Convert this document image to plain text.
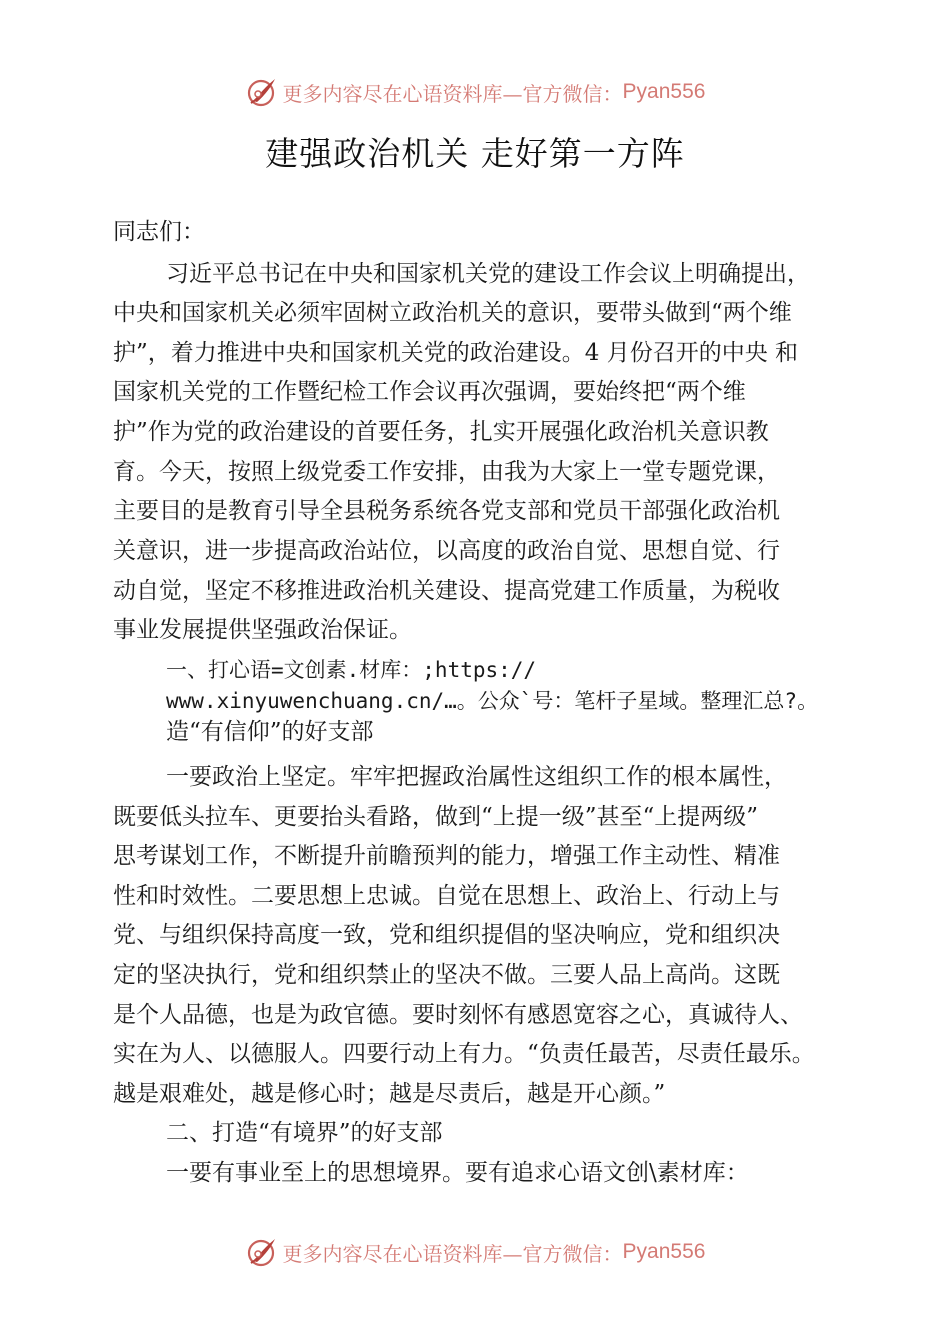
更多内容尽在心语资料库—官方微信： Pyan556
建强政治机关 走好第一方阵
同志们：
习近平总书记在中央和国家机关党的建设工作会议上明确提出，
中央和国家机关必须牢固树立政治机关的意识，要带头做到“两个维
护”，着力推进中央和国家机关党的政治建设。4 月份召开的中央 和
国家机关党的工作暨纪检工作会议再次强调，要始终把“两个维
护”作为党的政治建设的首要任务，扎实开展强化政治机关意识教
育。今天，按照上级党委工作安排，由我为大家上一堂专题党课，
主要目的是教育引导全县税务系统各党支部和党员干部强化政治机
关意识，进一步提高政治站位，以高度的政治自觉、思想自觉、行
动自觉，坚定不移推进政治机关建设、提高党建工作质量，为税收
事业发展提供坚强政治保证。
一、打心语=文创素.材库：;https://
www.xinyuwenchuang.cn/…。公众`号：笔杆子星域。整理汇总?。
造“有信仰”的好支部
一要政治上坚定。牢牢把握政治属性这组织工作的根本属性，
既要低头拉车、更要抬头看路，做到“上提一级”甚至“上提两级”
思考谋划工作，不断提升前瞻预判的能力，增强工作主动性、精准
性和时效性。二要思想上忠诚。自觉在思想上、政治上、行动上与
党、与组织保持高度一致，党和组织提倡的坚决响应，党和组织决
定的坚决执行，党和组织禁止的坚决不做。三要人品上高尚。这既
是个人品德，也是为政官德。要时刻怀有感恩宽容之心，真诚待人、
实在为人、以德服人。四要行动上有力。“负责任最苦，尽责任最乐。
越是艰难处，越是修心时；越是尽责后，越是开心颜。”
二、打造“有境界”的好支部
一要有事业至上的思想境界。要有追求心语文创\素材库：
更多内容尽在心语资料库—官方微信： Pyan556
